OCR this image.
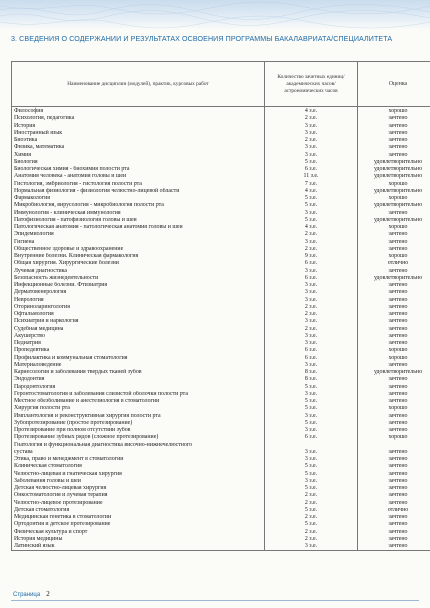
3. СВЕДЕНИЯ О СОДЕРЖАНИИ И РЕЗУЛЬТАТАХ ОСВОЕНИЯ ПРОГРАММЫ БАКАЛАВРИАТА/СПЕЦИАЛИТЕТА
Наименование дисциплин (модулей), практик, курсовых работ	Количество зачетных единиц/академических часов/астрономических часов	Оценка
Философия	4 з.е.	хорошо
Психология, педагогика	2 з.е.	зачтено
История	3 з.е.	зачтено
Иностранный язык	3 з.е.	зачтено
Биоэтика	2 з.е.	зачтено
Физика, математика	3 з.е.	зачтено
Химия	3 з.е.	зачтено
Биология	5 з.е.	удовлетворительно
Биологическая химия - биохимия полости рта	6 з.е.	удовлетворительно
Анатомия человека - анатомия головы и шеи	11 з.е.	удовлетворительно
Гистология, эмбриология - гистология полости рта	7 з.е.	хорошо
Нормальная физиология - физиология челюстно-лицевой области	4 з.е.	удовлетворительно
Фармакология	5 з.е.	хорошо
Микробиология, вирусология - микробиология полости рта	5 з.е.	удовлетворительно
Иммунология - клиническая иммунология	3 з.е.	зачтено
Патофизиология - патофизиология головы и шеи	5 з.е.	удовлетворительно
Патологическая анатомия - патологическая анатомия головы и шеи	4 з.е.	хорошо
Эпидемиология	2 з.е.	зачтено
Гигиена	3 з.е.	зачтено
Общественное здоровье и здравоохранение	2 з.е.	зачтено
Внутренние болезни. Клиническая фармакология	9 з.е.	хорошо
Общая хирургия. Хирургические болезни	6 з.е.	отлично
Лучевая диагностика	3 з.е.	зачтено
Безопасность жизнедеятельности	6 з.е.	удовлетворительно
Инфекционные болезни. Фтизиатрия	3 з.е.	зачтено
Дерматовенерология	3 з.е.	зачтено
Неврология	3 з.е.	зачтено
Оториноларингология	2 з.е.	зачтено
Офтальмология	2 з.е.	зачтено
Психиатрия и наркология	3 з.е.	зачтено
Судебная медицина	2 з.е.	зачтено
Акушерство	3 з.е.	зачтено
Педиатрия	3 з.е.	зачтено
Пропедевтика	6 з.е.	хорошо
Профилактика и коммунальная стоматология	6 з.е.	хорошо
Материаловедение	3 з.е.	зачтено
Кариесология и заболевания твердых тканей зубов	8 з.е.	удовлетворительно
Эндодонтия	8 з.е.	зачтено
Пародонтология	5 з.е.	зачтено
Геронтостоматология и заболевания слизистой оболочки полости рта	3 з.е.	зачтено
Местное обезболивание и анестезиология в стоматологии	5 з.е.	зачтено
Хирургия полости рта	5 з.е.	хорошо
Имплантология и реконструктивная хирургия полости рта	3 з.е.	зачтено
Зубопротезирование (простое протезирование)	5 з.е.	зачтено
Протезирование при полном отсутствии зубов	3 з.е.	зачтено
Протезирование зубных рядов (сложное протезирование)	6 з.е.	хорошо
Гнатология и функциональная диагностика височно-нижнечелюстного		
сустава	3 з.е.	зачтено
Этика, право и менеджмент в стоматологии	3 з.е.	зачтено
Клиническая стоматология	5 з.е.	зачтено
Челюстно-лицевая и гнатическая хирургия	5 з.е.	зачтено
Заболевания головы и шеи	3 з.е.	зачтено
Детская челюстно-лицевая хирургия	5 з.е.	зачтено
Онкостоматология и лучевая терапия	2 з.е.	зачтено
Челюстно-лицевое протезирование	2 з.е.	зачтено
Детская стоматология	5 з.е.	отлично
Медицинская генетика в стоматологии	2 з.е.	зачтено
Ортодонтия и детское протезирование	5 з.е.	зачтено
Физическая культура и спорт	2 з.е.	зачтено
История медицины	2 з.е.	зачтено
Латинский язык	3 з.е.	зачтено
Страница 2
